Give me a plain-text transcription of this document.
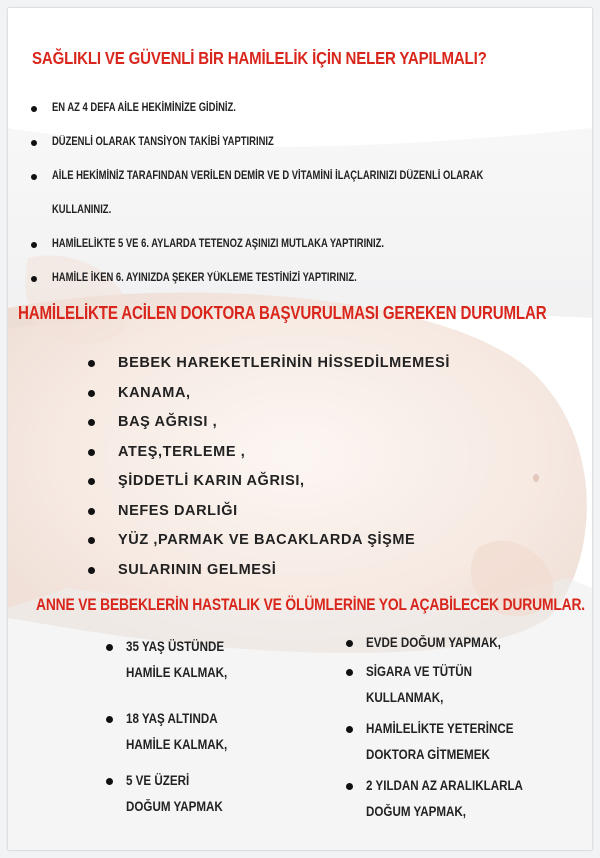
SAĞLIKLI VE GÜVENLİ BİR HAMİLELİK İÇİN NELER YAPILMALI?
EN AZ 4 DEFA AİLE HEKİMİNİZE GİDİNİZ.
DÜZENLİ OLARAK TANSİYON TAKİBİ YAPTIRINIZ
AİLE HEKİMİNİZ TARAFINDAN VERİLEN DEMİR VE D VİTAMİNİ İLAÇLARINIZI DÜZENLİ OLARAK
KULLANINIZ.
HAMİLELİKTE 5 VE 6. AYLARDA TETENOZ AŞINIZI MUTLAKA YAPTIRINIZ.
HAMİLE İKEN 6. AYINIZDA ŞEKER YÜKLEME TESTİNİZİ YAPTIRINIZ.
HAMİLELİKTE ACİLEN DOKTORA BAŞVURULMASI GEREKEN DURUMLAR
BEBEK HAREKETLERİNİN HİSSEDİLMEMESİ
KANAMA,
BAŞ AĞRISI ,
ATEŞ,TERLEME ,
ŞİDDETLİ KARIN AĞRISI,
NEFES DARLIĞI
YÜZ ,PARMAK VE BACAKLARDA ŞİŞME
SULARININ GELMESİ
ANNE VE BEBEKLERİN HASTALIK VE ÖLÜMLERİNE YOL AÇABİLECEK DURUMLAR.
35 YAŞ ÜSTÜNDE
HAMİLE KALMAK,
18 YAŞ ALTINDA
HAMİLE KALMAK,
5 VE ÜZERİ
DOĞUM YAPMAK
EVDE DOĞUM YAPMAK,
SİGARA VE TÜTÜN
KULLANMAK,
HAMİLELİKTE YETERİNCE
DOKTORA GİTMEMEK
2 YILDAN AZ ARALIKLARLA
DOĞUM YAPMAK,
